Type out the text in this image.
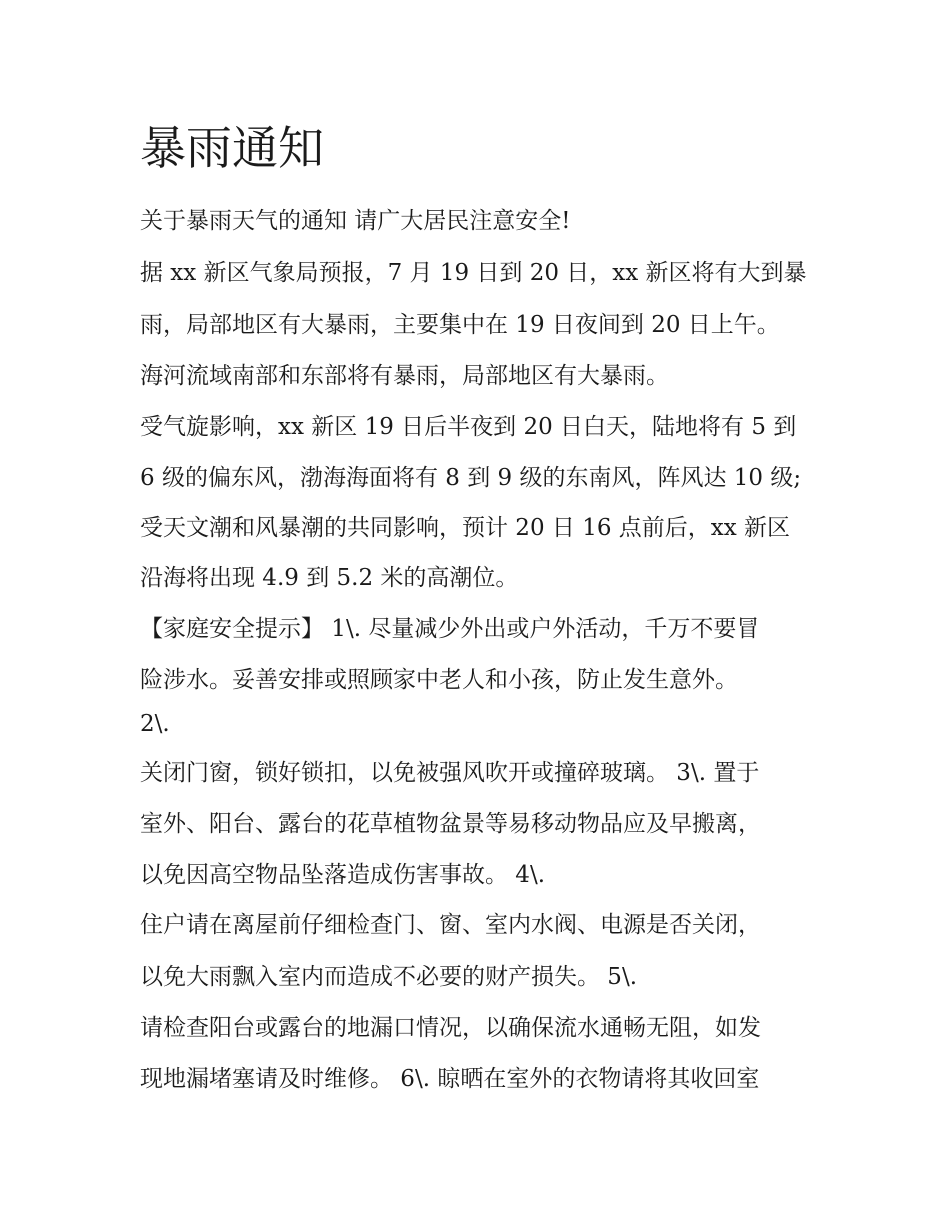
暴雨通知

关于暴雨天气的通知 请广大居民注意安全!

据 xx 新区气象局预报，7 月 19 日到 20 日，xx 新区将有大到暴

雨，局部地区有大暴雨，主要集中在 19 日夜间到 20 日上午。

海河流域南部和东部将有暴雨，局部地区有大暴雨。

受气旋影响，xx 新区 19 日后半夜到 20 日白天，陆地将有 5 到

6 级的偏东风，渤海海面将有 8 到 9 级的东南风，阵风达 10 级;

受天文潮和风暴潮的共同影响，预计 20 日 16 点前后，xx 新区

沿海将出现 4.9 到 5.2 米的高潮位。

【家庭安全提示】 1\. 尽量减少外出或户外活动，千万不要冒

险涉水。妥善安排或照顾家中老人和小孩，防止发生意外。

2\.

关闭门窗，锁好锁扣，以免被强风吹开或撞碎玻璃。 3\. 置于

室外、阳台、露台的花草植物盆景等易移动物品应及早搬离，

以免因高空物品坠落造成伤害事故。 4\.

住户请在离屋前仔细检查门、窗、室内水阀、电源是否关闭，

以免大雨飘入室内而造成不必要的财产损失。 5\.

请检查阳台或露台的地漏口情况，以确保流水通畅无阻，如发

现地漏堵塞请及时维修。 6\. 晾晒在室外的衣物请将其收回室
